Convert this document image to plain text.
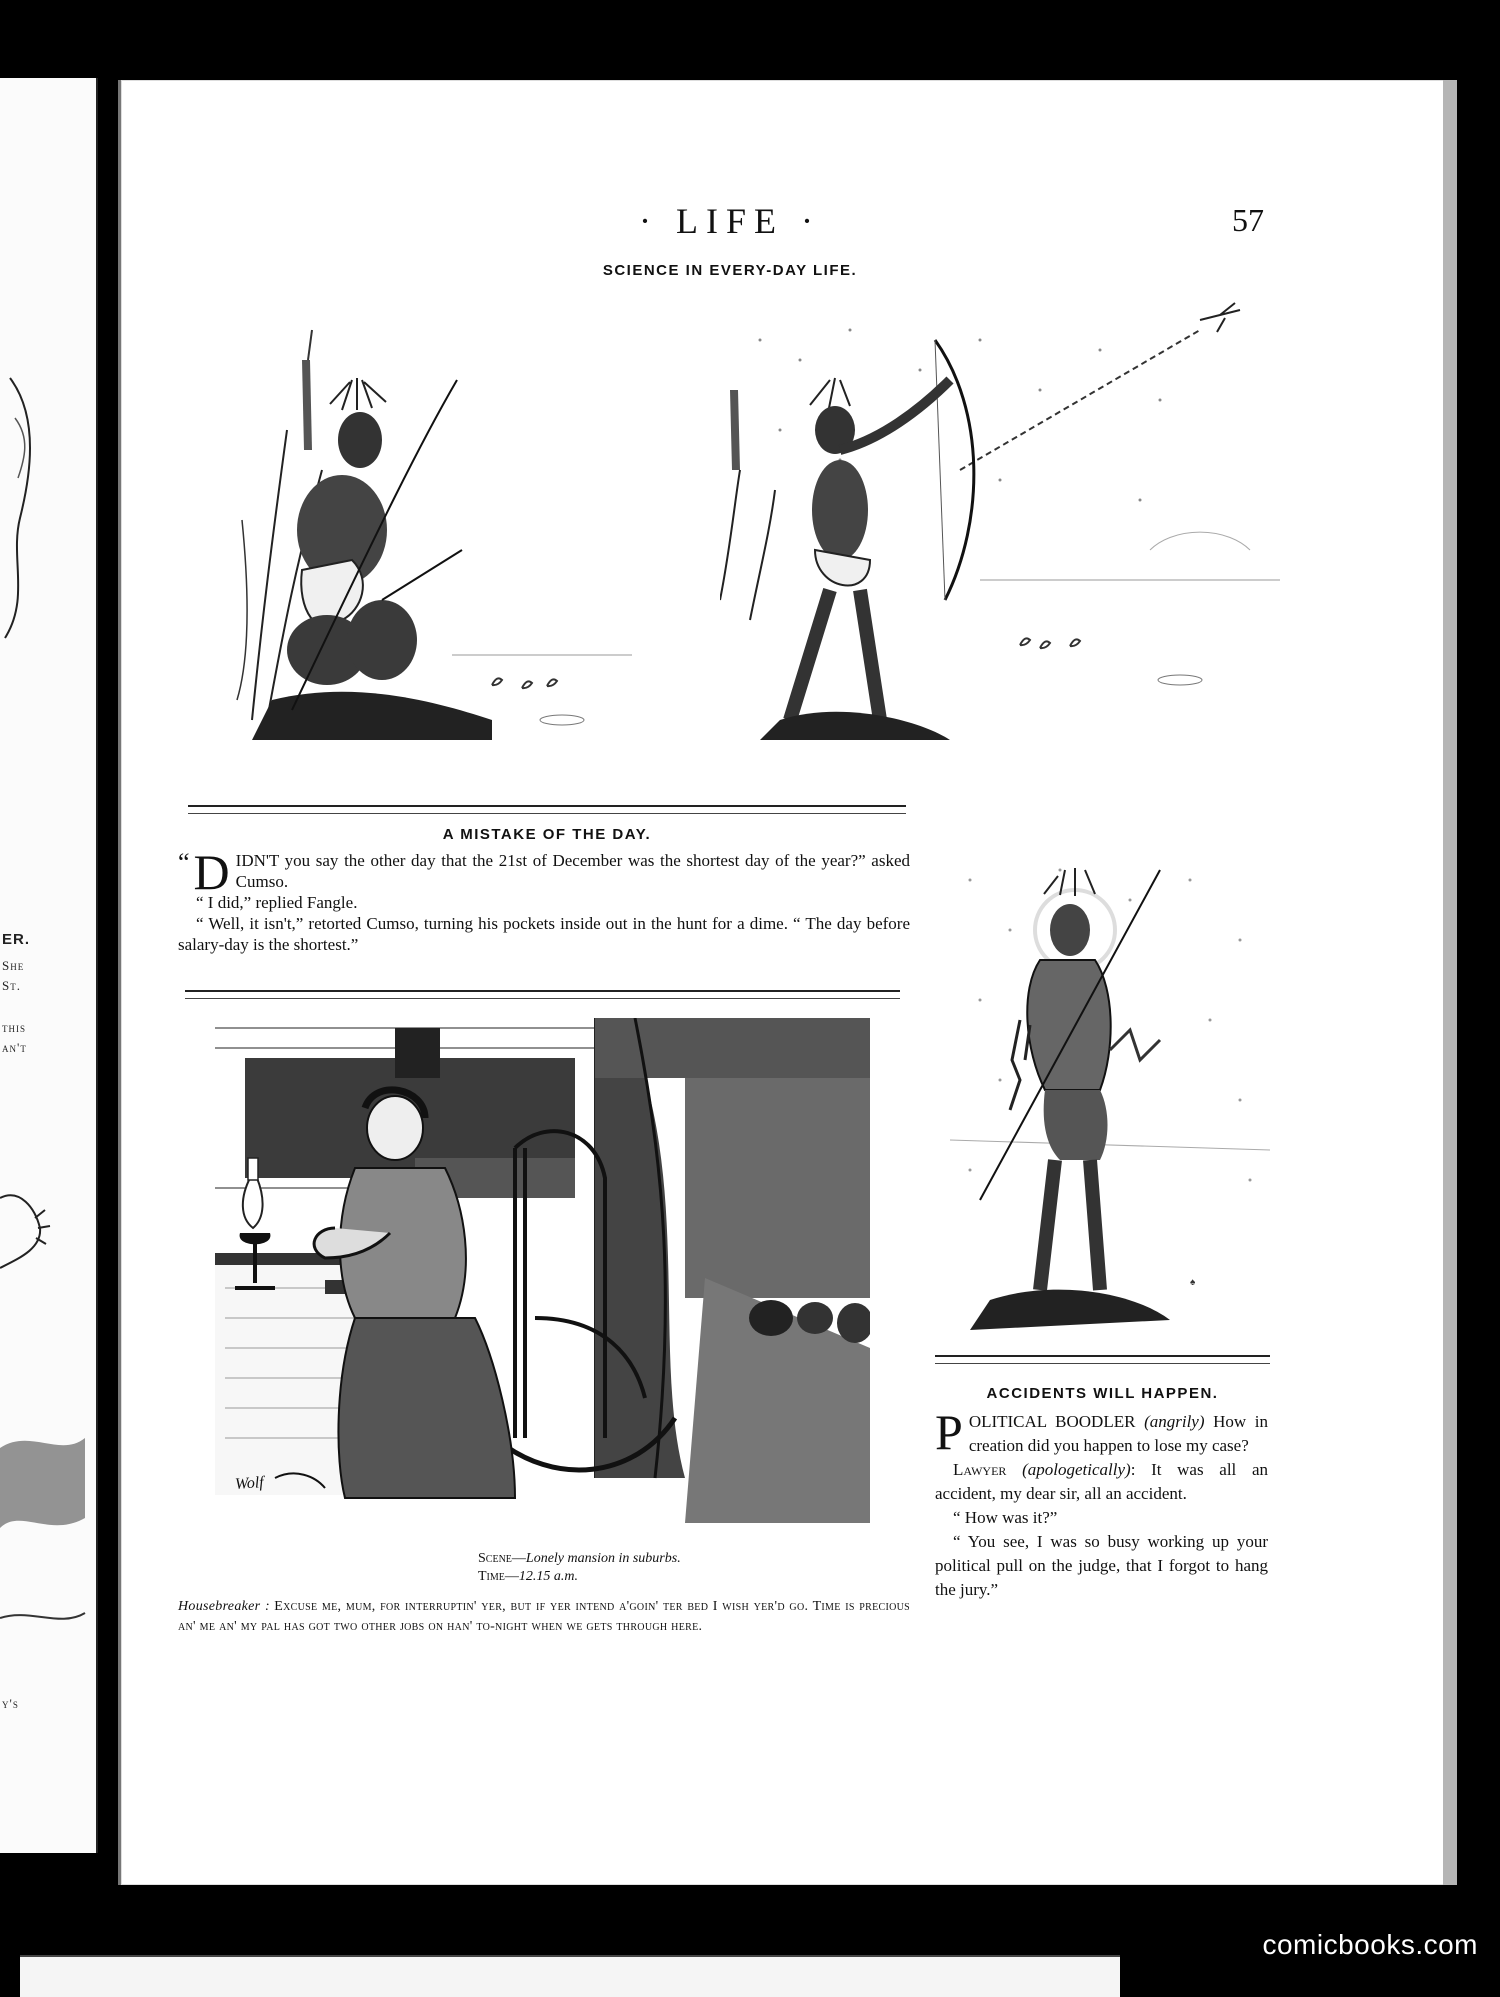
ER.
She
St.
this
an't
y's
· LIFE ·	57
SCIENCE IN EVERY-DAY LIFE.
A MISTAKE OF THE DAY.

“ D IDN'T you say the other day that the 21st of December was the shortest day of the year?” asked Cumso.

“ I did,” replied Fangle.

“ Well, it isn't,” retorted Cumso, turning his pockets inside out in the hunt for a dime. “ The day before salary-day is the shortest.”

Wolf
Scene—Lonely mansion in suburbs.
Time—12.15 a.m.
Housebreaker : Excuse me, mum, for interruptin' yer, but if yer intend a'goin' ter bed I wish yer'd go. Time is precious an' me an' my pal has got two other jobs on han' to-night when we gets through here.
♠
ACCIDENTS WILL HAPPEN.

POLITICAL BOODLER (angrily) How in creation did you happen to lose my case?

Lawyer (apologetically): It was all an accident, my dear sir, all an accident.

“ How was it?”

“ You see, I was so busy working up your political pull on the judge, that I forgot to hang the jury.”

comicbooks.com
